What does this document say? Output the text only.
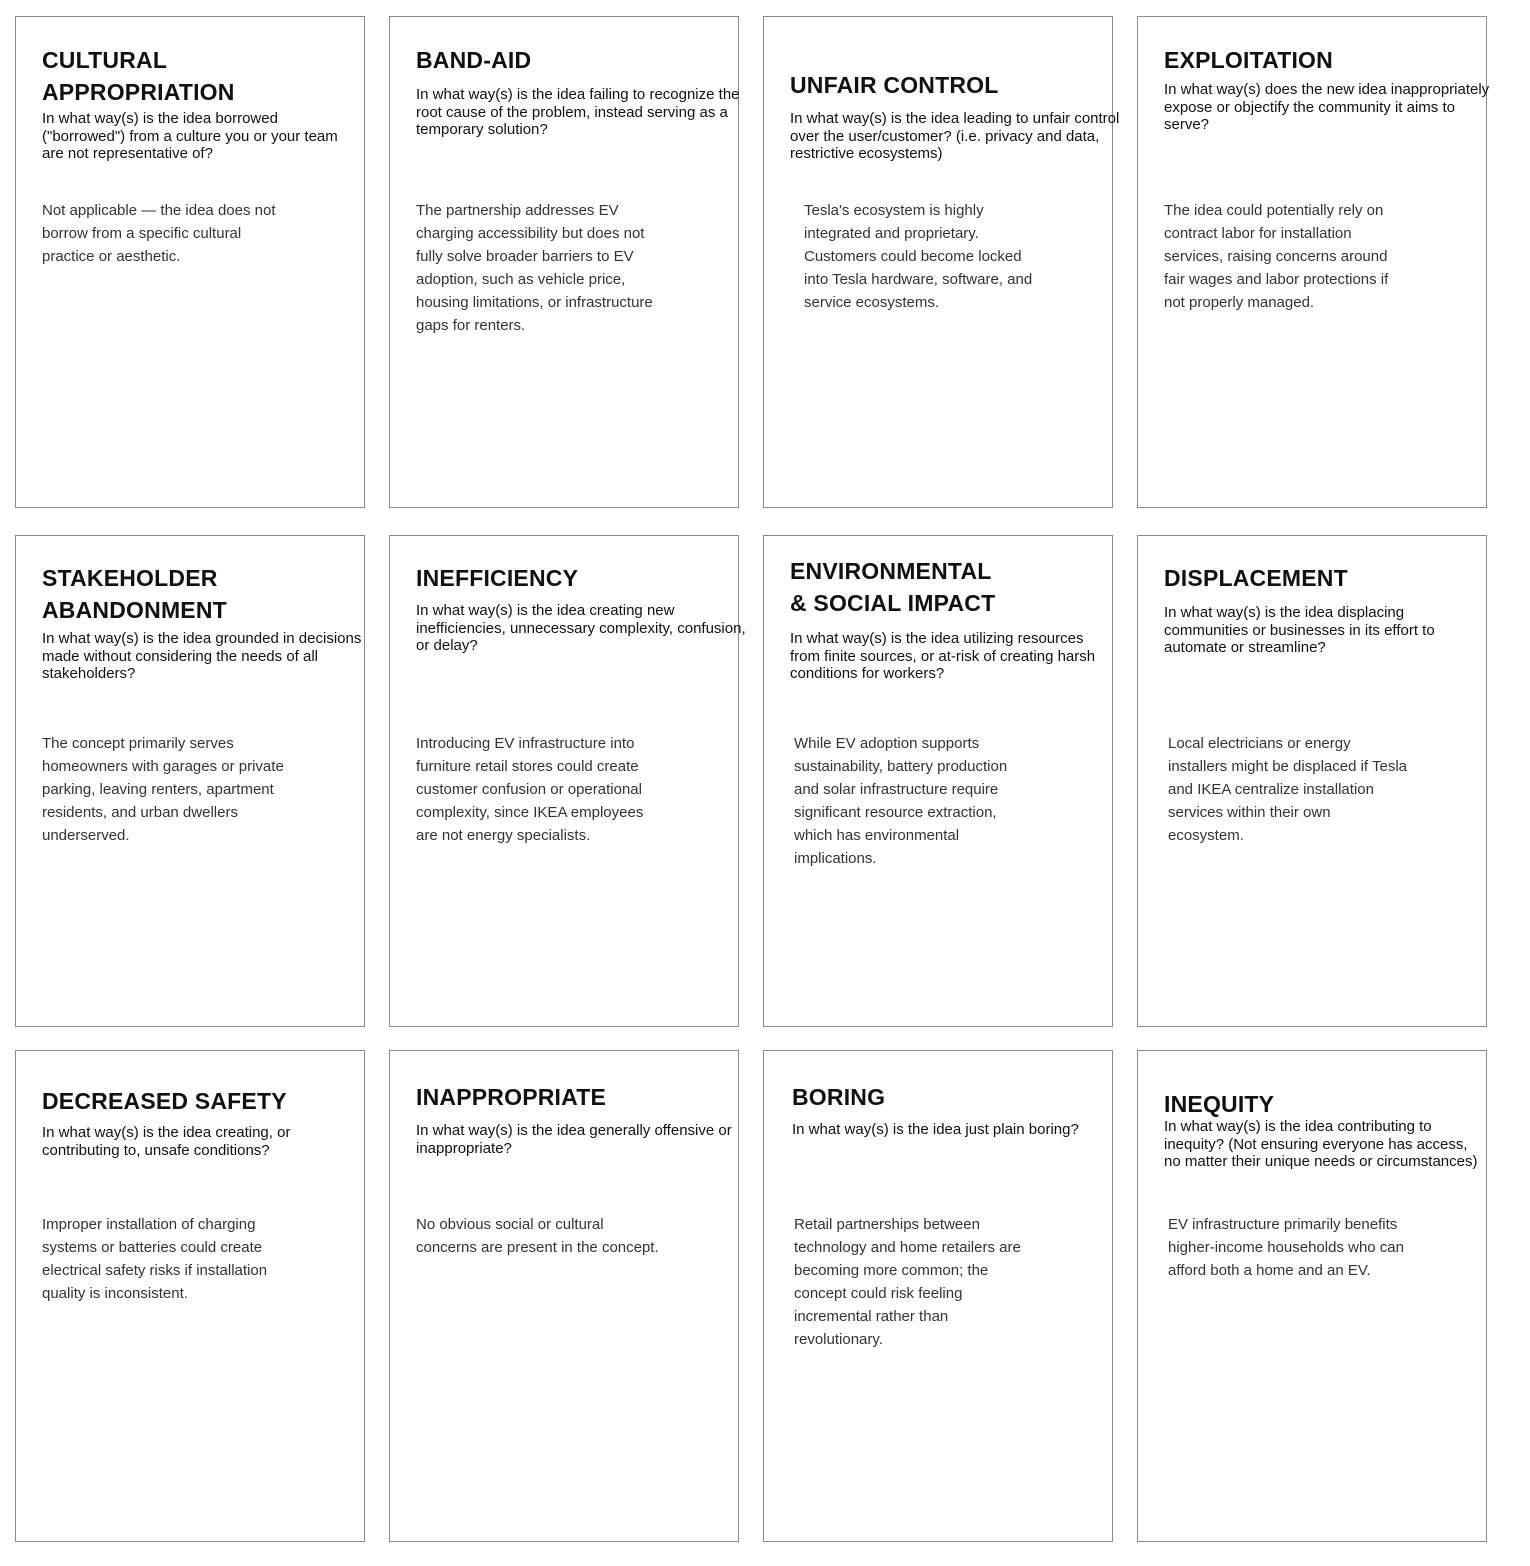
CULTURAL
APPROPRIATION

In what way(s) is the idea borrowed
("borrowed") from a culture you or your team
are not representative of?

Not applicable — the idea does not
borrow from a specific cultural
practice or aesthetic.

BAND-AID

In what way(s) is the idea failing to recognize the
root cause of the problem, instead serving as a
temporary solution?

The partnership addresses EV
charging accessibility but does not
fully solve broader barriers to EV
adoption, such as vehicle price,
housing limitations, or infrastructure
gaps for renters.

UNFAIR CONTROL

In what way(s) is the idea leading to unfair control
over the user/customer? (i.e. privacy and data,
restrictive ecosystems)

Tesla's ecosystem is highly
integrated and proprietary.
Customers could become locked
into Tesla hardware, software, and
service ecosystems.

EXPLOITATION

In what way(s) does the new idea inappropriately
expose or objectify the community it aims to
serve?

The idea could potentially rely on
contract labor for installation
services, raising concerns around
fair wages and labor protections if
not properly managed.

STAKEHOLDER
ABANDONMENT

In what way(s) is the idea grounded in decisions
made without considering the needs of all
stakeholders?

The concept primarily serves
homeowners with garages or private
parking, leaving renters, apartment
residents, and urban dwellers
underserved.

INEFFICIENCY

In what way(s) is the idea creating new
inefficiencies, unnecessary complexity, confusion,
or delay?

Introducing EV infrastructure into
furniture retail stores could create
customer confusion or operational
complexity, since IKEA employees
are not energy specialists.

ENVIRONMENTAL
& SOCIAL IMPACT

In what way(s) is the idea utilizing resources
from finite sources, or at-risk of creating harsh
conditions for workers?

While EV adoption supports
sustainability, battery production
and solar infrastructure require
significant resource extraction,
which has environmental
implications.

DISPLACEMENT

In what way(s) is the idea displacing
communities or businesses in its effort to
automate or streamline?

Local electricians or energy
installers might be displaced if Tesla
and IKEA centralize installation
services within their own
ecosystem.

DECREASED SAFETY

In what way(s) is the idea creating, or
contributing to, unsafe conditions?

Improper installation of charging
systems or batteries could create
electrical safety risks if installation
quality is inconsistent.

INAPPROPRIATE

In what way(s) is the idea generally offensive or
inappropriate?

No obvious social or cultural
concerns are present in the concept.

BORING

In what way(s) is the idea just plain boring?

Retail partnerships between
technology and home retailers are
becoming more common; the
concept could risk feeling
incremental rather than
revolutionary.

INEQUITY

In what way(s) is the idea contributing to
inequity? (Not ensuring everyone has access,
no matter their unique needs or circumstances)

EV infrastructure primarily benefits
higher-income households who can
afford both a home and an EV.
